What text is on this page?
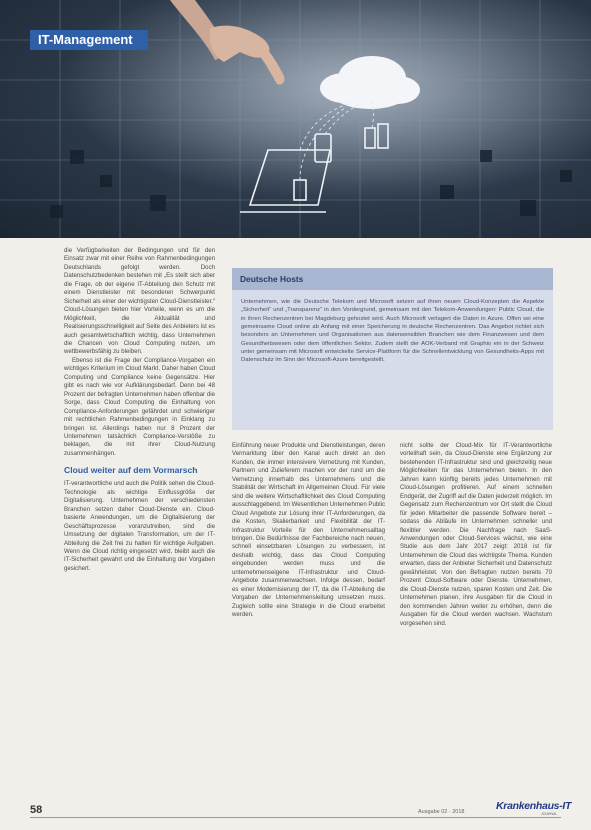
IT-Management

die Verfügbarkeiten der Bedingungen und für den Einsatz zwar mit einer Reihe von Rahmenbedingungen Deutschlands gefolgt werden. Doch Datenschutzbedenken bestehen mit „Es stellt sich aber die Frage, ob der eigene IT-Abteilung den Schutz mit einem Dienstleister mit besonderen Schwerpunkt Sicherheit als einer der wichtigsten Cloud-Dienstleister.“ Cloud-Lösungen bieten hier Vorteile, wenn es um die Möglichkeit, die Aktualität und Realisierungsschnelligkeit auf Seite des Anbieters ist es auch gesamtwirtschaftlich wichtig, dass Unternehmen die Chancen von Cloud Computing nutzen, um wettbewerbsfähig zu bleiben.

Ebenso ist die Frage der Compliance-Vorgaben ein wichtiges Kriterium im Cloud Markt. Daher haben Cloud Computing und Compliance keine Gegensätze. Hier gibt es nach wie vor Aufklärungsbedarf. Denn bei 48 Prozent der befragten Unternehmen haben offenbar die Sorge, dass Cloud Computing die Einhaltung von Compliance-Anforderungen gefährdet und schwieriger mit rechtlichen Rahmenbedingungen in Einklang zu bringen ist. Allerdings haben nur 8 Prozent der Unternehmen tatsächlich Compliance-Verstöße zu beklagen, die mit ihrer Cloud-Nutzung zusammenhängen.

Cloud weiter auf dem Vormarsch

IT-verantwortliche und auch die Politik sehen die Cloud-Technologie als wichtige Einflussgröße der Digitalisierung. Unternehmen der verschiedensten Branchen setzen daher Cloud-Dienste ein. Cloud-basierte Anwendungen, um die Digitalisierung der Geschäftsprozesse voranzutreiben, sind die Umsetzung der digitalen Transformation, um der IT-Abteilung die Zeit frei zu halten für wichtige Aufgaben. Wenn die Cloud richtig eingesetzt wird, bleibt auch die IT-Sicherheit gewahrt und die Einhaltung der Vorgaben gesichert.

Deutsche Hosts
Unternehmen, wie die Deutsche Telekom und Microsoft setzen auf ihren neuen Cloud-Konzepten die Aspekte „Sicherheit“ und „Transparenz“ in den Vordergrund, gemeinsam mit den Telekom-Anwendungen: Public Cloud, die in ihren Rechenzentren bei Magdeburg gehostet wird. Auch Microsoft verlagert die Daten in Azure. Offen sei eine gemeinsame Cloud online ab Anfang mit einer Speicherung in deutsche Rechenzentren. Das Angebot richtet sich besonders an Unternehmen und Organisationen aus datensensiblen Branchen wie dem Finanzwesen und dem Gesundheitswesen oder dem öffentlichen Sektor. Zudem stellt der AOK-Verband mit Graphio ein in der Schweiz unter gemeinsam mit Microsoft entwickelte Service-Plattform für die Schnellentwicklung von Gesundheits-Apps mit Datenschutz im Sinn der Microsoft-Azure bereitgestellt.

Einführung neuer Produkte und Dienstleistungen, deren Vermarktung über den Kanal auch direkt an den Kunden, die immer intensivere Vernetzung mit Kunden, Partnern und Zulieferern machen vor der rund um die Vernetzung innerhalb des Unternehmens und die Stabilität der Wirtschaft im Allgemeinen Cloud. Für viele sind die weitere Wirtschaftlichkeit des Cloud Computing ausschlaggebend. Im Wesentlichen Unternehmen Public Cloud Angebote zur Lösung ihrer IT-Anforderungen, da die Kosten, Skalierbarkeit und Flexibilität der IT-Infrastruktur Vorteile für den Unternehmensalltag bringen. Die Bedürfnisse der Fachbereiche nach neuen, schnell einsetzbaren Lösungen zu verbessern, ist deshalb wichtig, dass das Cloud Computing eingebunden werden muss und die unternehmenseigene IT-Infrastruktur und Cloud-Angebote zusammenwachsen. Infolge dessen, bedarf es einer Modernisierung der IT, da die IT-Abteilung die Vorgaben der Unternehmensleitung umsetzen muss. Zugleich sollte eine Strategie in die Cloud erarbeitet werden.

nicht sollte der Cloud-Mix für IT-Verantwortliche vorteilhaft sein, da Cloud-Dienste eine Ergänzung zur bestehenden IT-Infrastruktur sind und gleichzeitig neue Möglichkeiten für das Unternehmen bieten. In den Jahren kann künftig bereits jedes Unternehmen mit Cloud-Lösungen profitieren. Auf einem schnellen Endgerät, der Zugriff auf die Daten jederzeit möglich. Im Gegensatz zum Rechenzentrum vor Ort stellt die Cloud für jeden Mitarbeiter die passende Software bereit – sodass die Abläufe im Unternehmen schneller und flexibler werden. Die Nachfrage nach SaaS-Anwendungen oder Cloud-Services wächst, wie eine Studie aus dem Jahr 2017 zeigt: 2018 ist für Unternehmen die Cloud das wichtigste Thema. Kunden erwarten, dass der Anbieter Sicherheit und Datenschutz gewährleistet. Von den Befragten nutzen bereits 70 Prozent Cloud-Software oder Dienste. Unternehmen, die Cloud-Dienste nutzen, sparen Kosten und Zeit. Die Unternehmen planen, ihre Ausgaben für die Cloud in den kommenden Jahren weiter zu erhöhen, denn die Ausgaben für die Cloud werden wachsen. Wachstum vorgesehen sind.

58	Ausgabe 02 · 2018	Krankenhaus-IT
JOURNAL
